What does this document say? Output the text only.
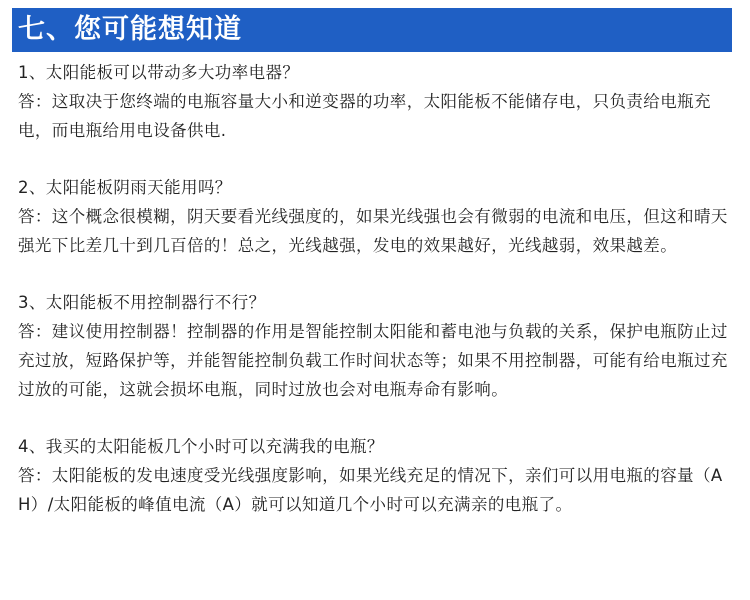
七、您可能想知道

1、太阳能板可以带动多大功率电器？

答：这取决于您终端的电瓶容量大小和逆变器的功率，太阳能板不能储存电，只负责给电瓶充电，而电瓶给用电设备供电.

2、太阳能板阴雨天能用吗？

答：这个概念很模糊，阴天要看光线强度的，如果光线强也会有微弱的电流和电压，但这和晴天强光下比差几十到几百倍的！总之，光线越强，发电的效果越好，光线越弱，效果越差。

3、太阳能板不用控制器行不行？

答：建议使用控制器！控制器的作用是智能控制太阳能和蓄电池与负载的关系，保护电瓶防止过充过放，短路保护等，并能智能控制负载工作时间状态等；如果不用控制器，可能有给电瓶过充过放的可能，这就会损坏电瓶，同时过放也会对电瓶寿命有影响。

4、我买的太阳能板几个小时可以充满我的电瓶？

答：太阳能板的发电速度受光线强度影响，如果光线充足的情况下，亲们可以用电瓶的容量（AH）/太阳能板的峰值电流（A）就可以知道几个小时可以充满亲的电瓶了。
